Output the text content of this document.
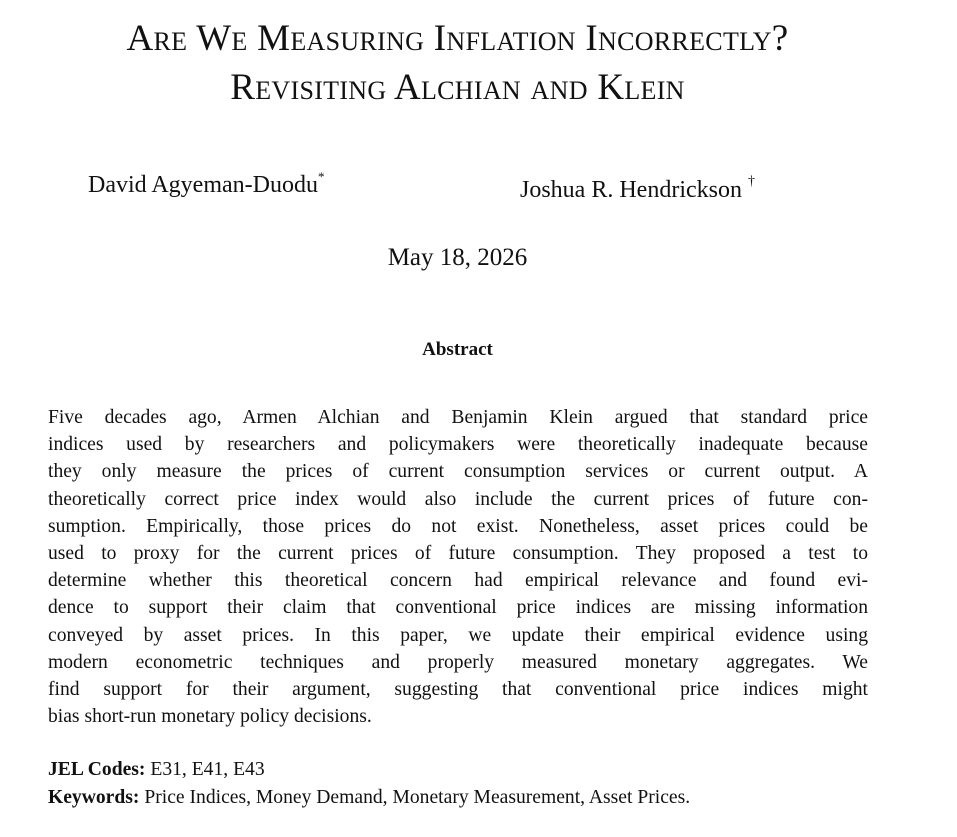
Are We Measuring Inflation Incorrectly?
Revisiting Alchian and Klein
David Agyeman-Duodu*
Joshua R. Hendrickson †
May 18, 2026
Abstract
Five decades ago, Armen Alchian and Benjamin Klein argued that standard price
indices used by researchers and policymakers were theoretically inadequate because
they only measure the prices of current consumption services or current output. A
theoretically correct price index would also include the current prices of future con-
sumption. Empirically, those prices do not exist. Nonetheless, asset prices could be
used to proxy for the current prices of future consumption. They proposed a test to
determine whether this theoretical concern had empirical relevance and found evi-
dence to support their claim that conventional price indices are missing information
conveyed by asset prices. In this paper, we update their empirical evidence using
modern econometric techniques and properly measured monetary aggregates. We
find support for their argument, suggesting that conventional price indices might
bias short-run monetary policy decisions.
JEL Codes: E31, E41, E43
Keywords: Price Indices, Money Demand, Monetary Measurement, Asset Prices.
